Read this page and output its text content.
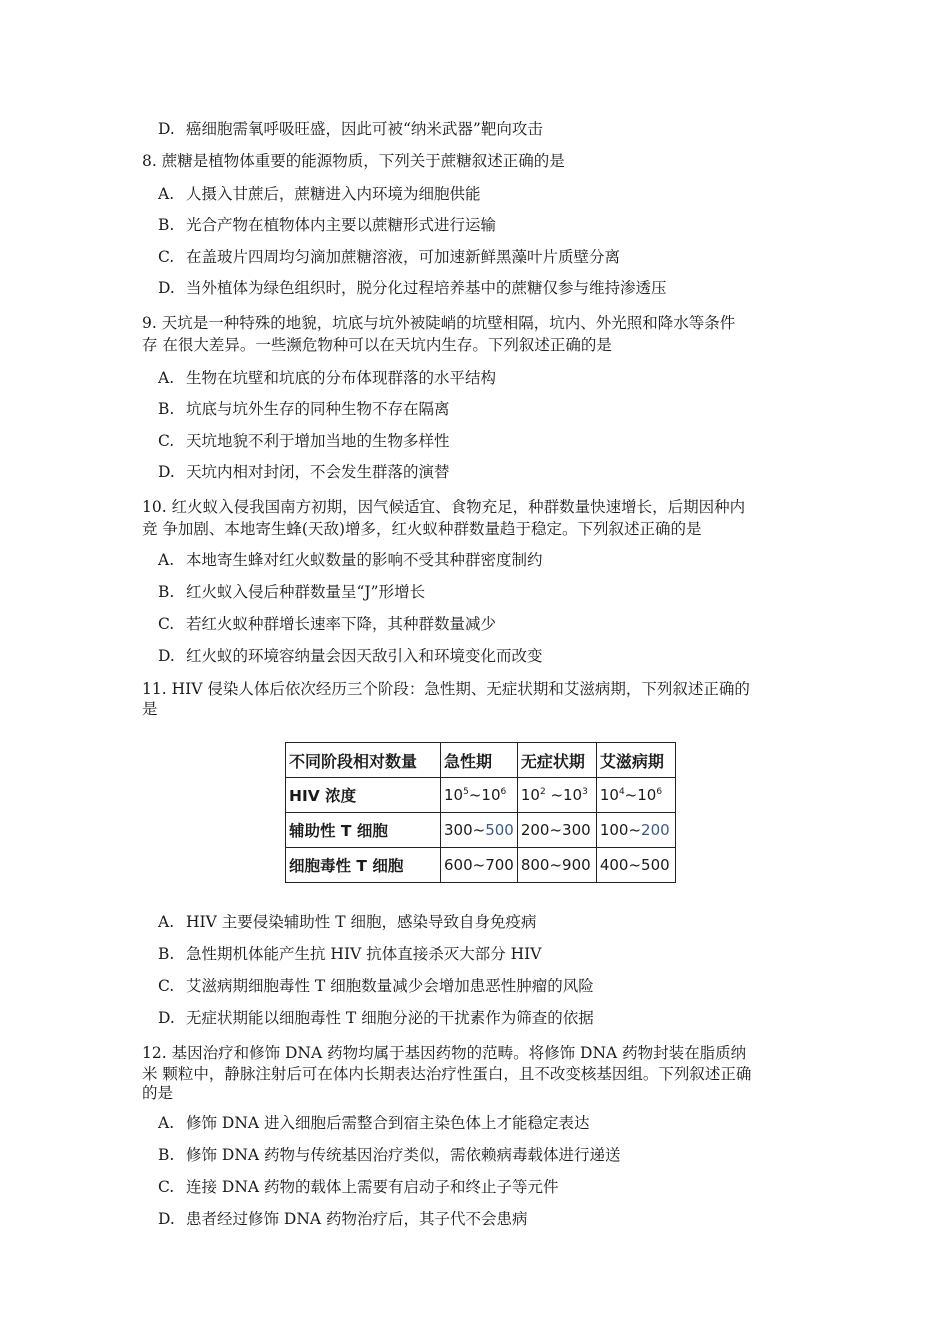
D. 癌细胞需氧呼吸旺盛，因此可被“纳米武器”靶向攻击
8. 蔗糖是植物体重要的能源物质，下列关于蔗糖叙述正确的是
A. 人摄入甘蔗后，蔗糖进入内环境为细胞供能
B. 光合产物在植物体内主要以蔗糖形式进行运输
C. 在盖玻片四周均匀滴加蔗糖溶液，可加速新鲜黑藻叶片质壁分离
D. 当外植体为绿色组织时，脱分化过程培养基中的蔗糖仅参与维持渗透压
9. 天坑是一种特殊的地貌，坑底与坑外被陡峭的坑壁相隔，坑内、外光照和降水等条件
存 在很大差异。一些濒危物种可以在天坑内生存。下列叙述正确的是
A. 生物在坑壁和坑底的分布体现群落的水平结构
B. 坑底与坑外生存的同种生物不存在隔离
C. 天坑地貌不利于增加当地的生物多样性
D. 天坑内相对封闭，不会发生群落的演替
10. 红火蚁入侵我国南方初期，因气候适宜、食物充足，种群数量快速增长，后期因种内
竞 争加剧、本地寄生蜂(天敌)增多，红火蚁种群数量趋于稳定。下列叙述正确的是
A. 本地寄生蜂对红火蚁数量的影响不受其种群密度制约
B. 红火蚁入侵后种群数量呈“J”形增长
C. 若红火蚁种群增长速率下降，其种群数量减少
D. 红火蚁的环境容纳量会因天敌引入和环境变化而改变
11. HIV 侵染人体后依次经历三个阶段：急性期、无症状期和艾滋病期，下列叙述正确的
是
不同阶段相对数量	急性期	无症状期	艾滋病期
HIV 浓度	$10^5\sim 10^6$	$10^2$ $\sim 10^3$	$10^4\sim 10^6$
辅助性 T 细胞	300~500	200~300	100~200
细胞毒性 T 细胞	600~700	800~900	400~500
A. HIV 主要侵染辅助性 T 细胞，感染导致自身免疫病
B. 急性期机体能产生抗 HIV 抗体直接杀灭大部分 HIV
C. 艾滋病期细胞毒性 T 细胞数量减少会增加患恶性肿瘤的风险
D. 无症状期能以细胞毒性 T 细胞分泌的干扰素作为筛查的依据
12. 基因治疗和修饰 DNA 药物均属于基因药物的范畴。将修饰 DNA 药物封装在脂质纳
米 颗粒中，静脉注射后可在体内长期表达治疗性蛋白，且不改变核基因组。下列叙述正确
的是
A. 修饰 DNA 进入细胞后需整合到宿主染色体上才能稳定表达
B. 修饰 DNA 药物与传统基因治疗类似，需依赖病毒载体进行递送
C. 连接 DNA 药物的载体上需要有启动子和终止子等元件
D. 患者经过修饰 DNA 药物治疗后，其子代不会患病
